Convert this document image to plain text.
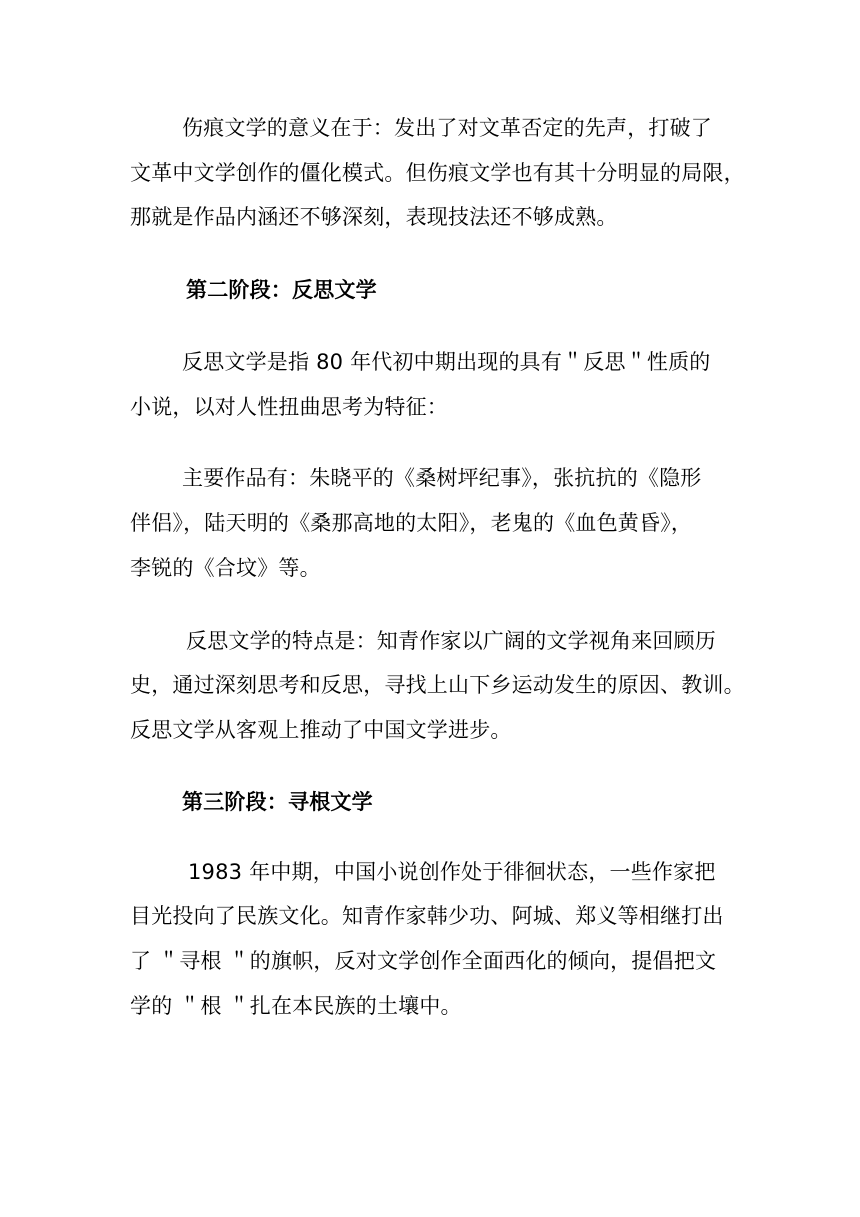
伤痕文学的意义在于：发出了对文革否定的先声，打破了
文革中文学创作的僵化模式。但伤痕文学也有其十分明显的局限，
那就是作品内涵还不够深刻，表现技法还不够成熟。
第二阶段：反思文学
反思文学是指 80 年代初中期出现的具有＂反思＂性质的
小说，以对人性扭曲思考为特征：
主要作品有：朱晓平的《桑树坪纪事》，张抗抗的《隐形
伴侣》，陆天明的《桑那高地的太阳》，老鬼的《血色黄昏》，
李锐的《合坟》等。
反思文学的特点是：知青作家以广阔的文学视角来回顾历
史，通过深刻思考和反思，寻找上山下乡运动发生的原因、教训。
反思文学从客观上推动了中国文学进步。
第三阶段：寻根文学
1983 年中期，中国小说创作处于徘徊状态，一些作家把
目光投向了民族文化。知青作家韩少功、阿城、郑义等相继打出
了 ＂寻根 ＂的旗帜，反对文学创作全面西化的倾向，提倡把文
学的 ＂根 ＂扎在本民族的土壤中。
